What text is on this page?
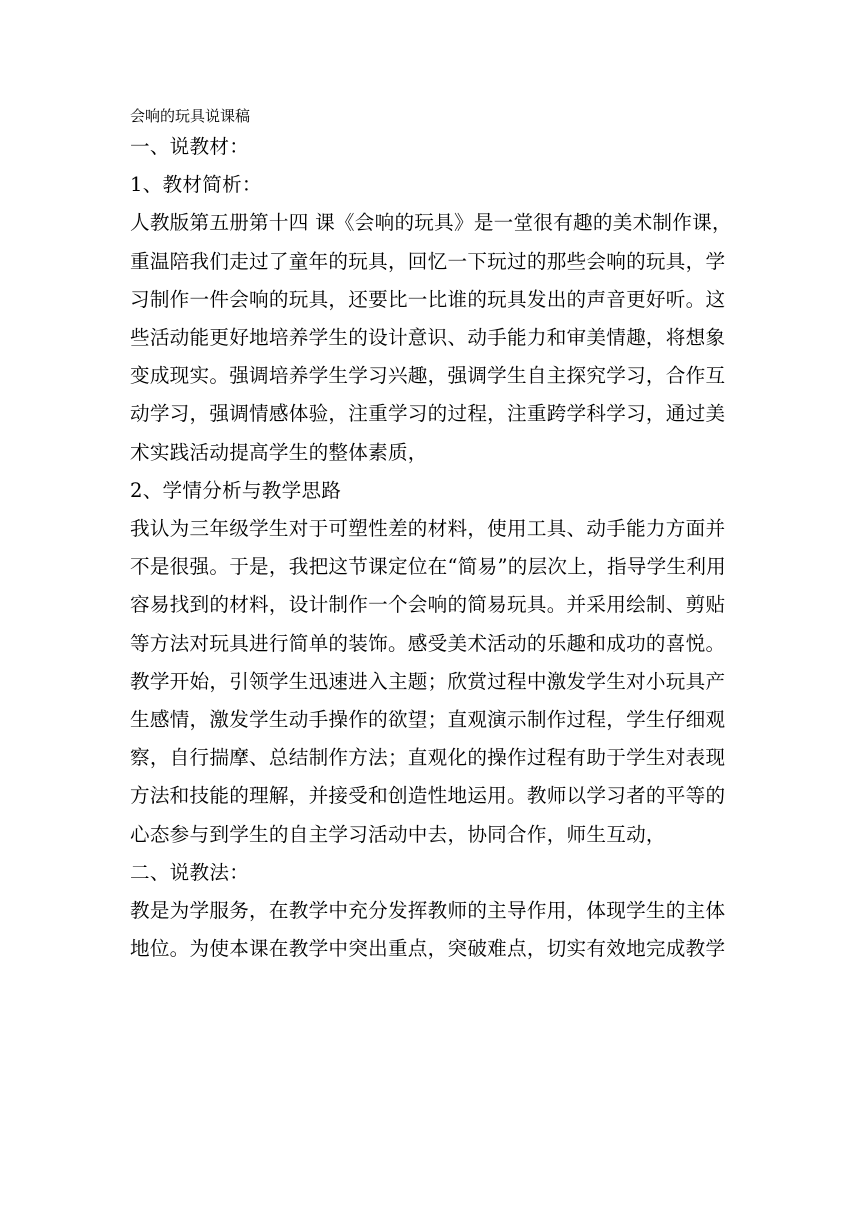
会响的玩具说课稿
一、说教材：
1、教材简析：
人教版第五册第十四 课《会响的玩具》是一堂很有趣的美术制作课，
重温陪我们走过了童年的玩具，回忆一下玩过的那些会响的玩具，学
习制作一件会响的玩具，还要比一比谁的玩具发出的声音更好听。这
些活动能更好地培养学生的设计意识、动手能力和审美情趣，将想象
变成现实。强调培养学生学习兴趣，强调学生自主探究学习，合作互
动学习，强调情感体验，注重学习的过程，注重跨学科学习，通过美
术实践活动提高学生的整体素质，
2、学情分析与教学思路
我认为三年级学生对于可塑性差的材料，使用工具、动手能力方面并
不是很强。于是，我把这节课定位在“简易”的层次上，指导学生利用
容易找到的材料，设计制作一个会响的简易玩具。并采用绘制、剪贴
等方法对玩具进行简单的装饰。感受美术活动的乐趣和成功的喜悦。
教学开始，引领学生迅速进入主题；欣赏过程中激发学生对小玩具产
生感情，激发学生动手操作的欲望；直观演示制作过程，学生仔细观
察，自行揣摩、总结制作方法；直观化的操作过程有助于学生对表现
方法和技能的理解，并接受和创造性地运用。教师以学习者的平等的
心态参与到学生的自主学习活动中去，协同合作，师生互动，
二、说教法：
教是为学服务，在教学中充分发挥教师的主导作用，体现学生的主体
地位。为使本课在教学中突出重点，突破难点，切实有效地完成教学
